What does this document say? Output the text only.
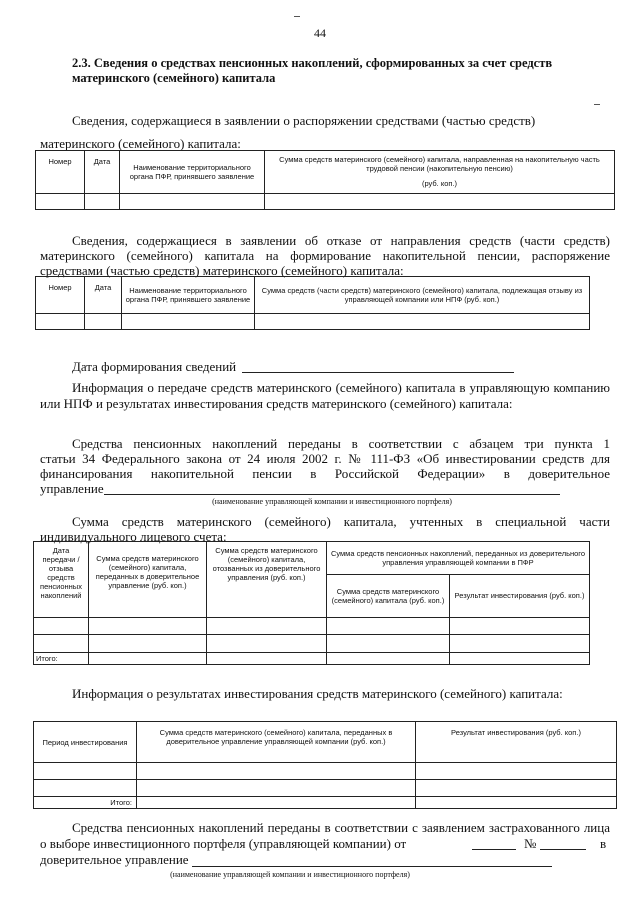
44
2.3. Сведения о средствах пенсионных накоплений, сформированных за счет средств материнского (семейного) капитала
Сведения, содержащиеся в заявлении о распоряжении средствами (частью средств)
материнского (семейного) капитала:
Номер	Дата	Наименование территориального органа ПФР, принявшего заявление	Сумма средств материнского (семейного) капитала, направленная на накопительную часть трудовой пенсии (накопительную пенсию)
(руб. коп.)

Сведения, содержащиеся в заявлении об отказе от направления средств (части средств)
материнского (семейного) капитала на формирование накопительной пенсии, распоряжение
средствами (частью средств) материнского (семейного) капитала:
Номер	Дата	Наименование территориального органа ПФР, принявшего заявление	Сумма средств (части средств) материнского (семейного) капитала, подлежащая отзыву из управляющей компании или НПФ (руб. коп.)

Дата формирования сведений
Информация о передаче средств материнского (семейного) капитала в управляющую компанию
или НПФ и результатах инвестирования средств материнского (семейного) капитала:
Средства пенсионных накоплений переданы в соответствии с абзацем три пункта 1
статьи 34 Федерального закона от 24 июля 2002 г. № 111-ФЗ «Об инвестировании средств для
финансирования накопительной пенсии в Российской Федерации» в доверительное
управление
(наименование управляющей компании и инвестиционного портфеля)
Сумма средств материнского (семейного) капитала, учтенных в специальной части
индивидуального лицевого счета:
Дата передачи /отзыва средств пенсионных накоплений	Сумма средств материнского (семейного) капитала, переданных в доверительное управление (руб. коп.)	Сумма средств материнского (семейного) капитала, отозванных из доверительного управления (руб. коп.)	Сумма средств пенсионных накоплений, переданных из доверительного управления управляющей компании в ПФР	
			Сумма средств материнского (семейного) капитала (руб. коп.)	Результат инвестирования (руб. коп.)

Итого:				
Информация о результатах инвестирования средств материнского (семейного) капитала:
Период инвестирования	Сумма средств материнского (семейного) капитала, переданных в доверительное управление управляющей компании (руб. коп.)	Результат инвестирования (руб. коп.)

Итого:		
Средства пенсионных накоплений переданы в соответствии с заявлением застрахованного лица
о выборе инвестиционного портфеля (управляющей компании) от	№	в
доверительное управление
(наименование управляющей компании и инвестиционного портфеля)
